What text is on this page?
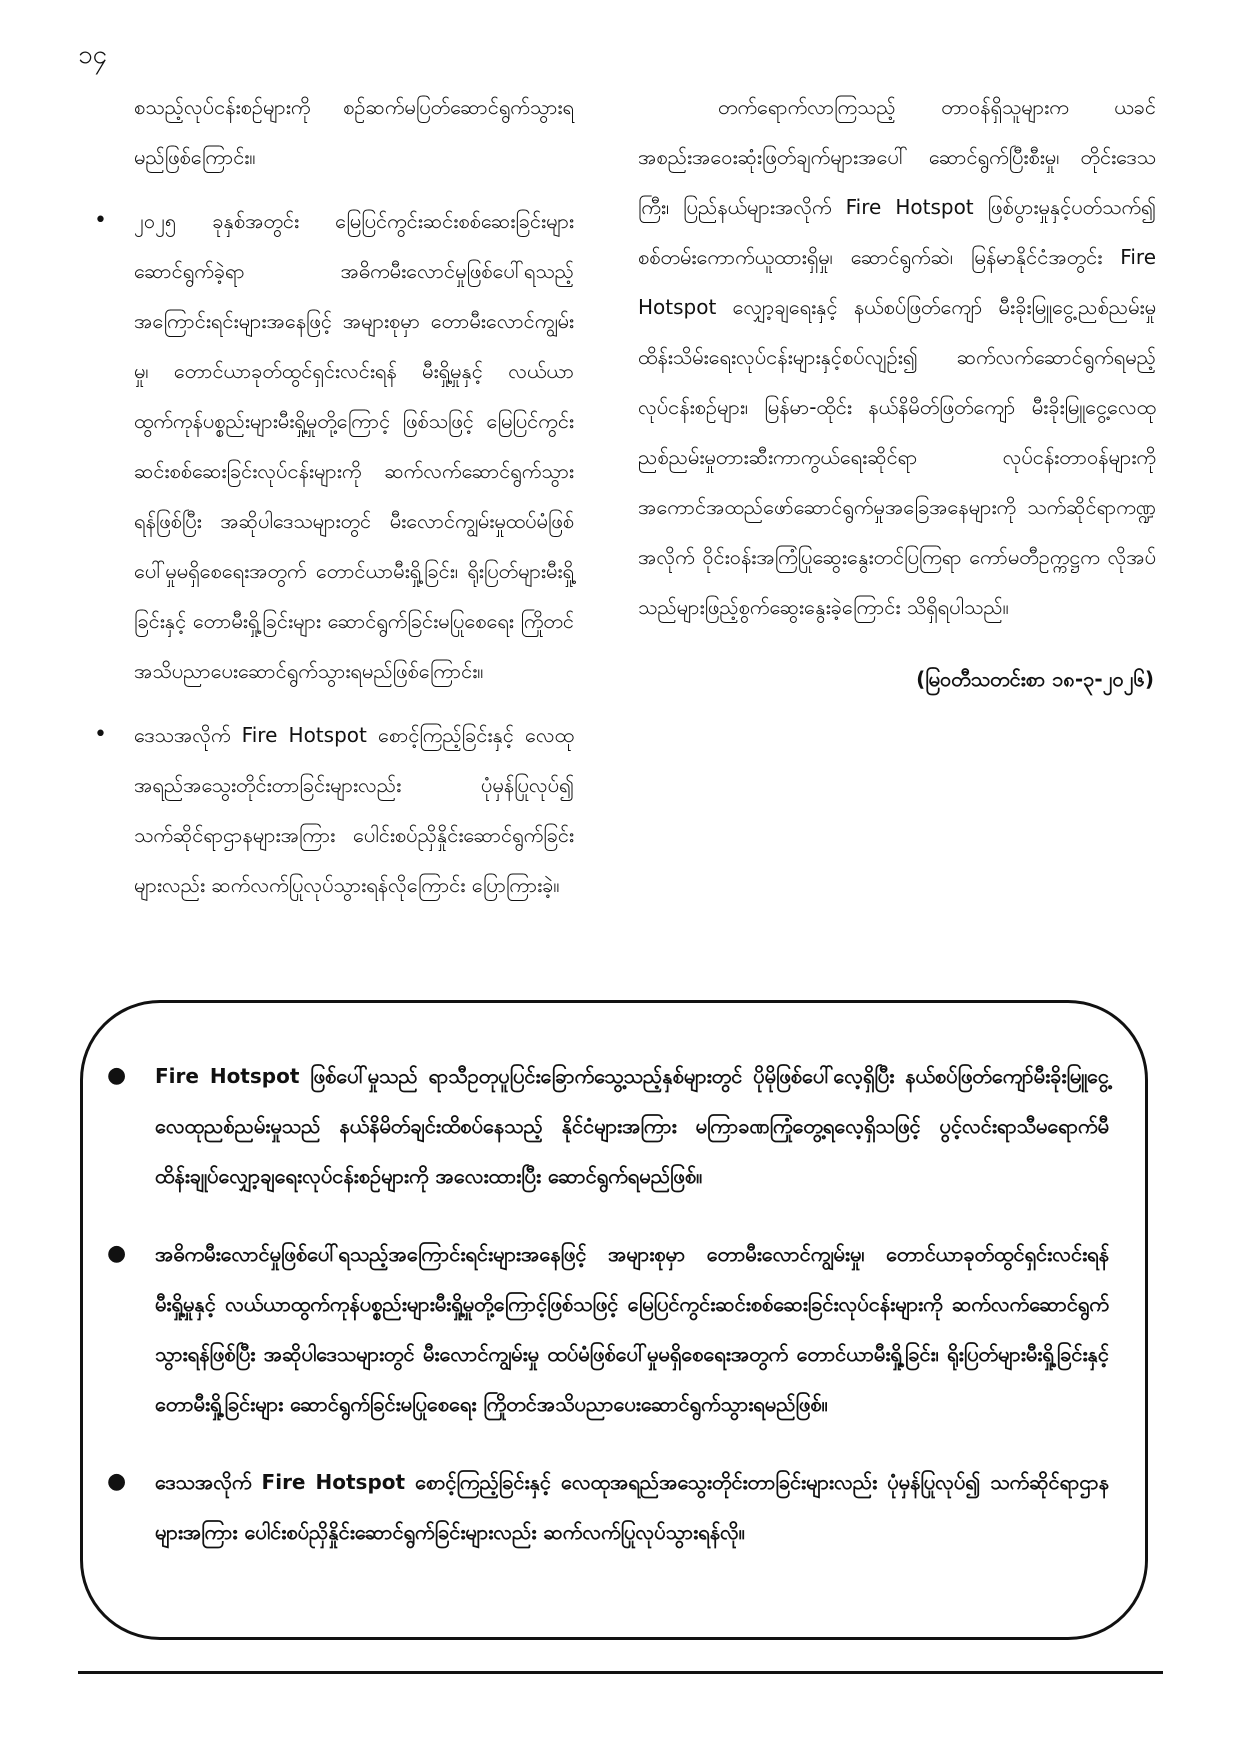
၁၄
စသည့်လုပ်ငန်းစဉ်များကို စဉ်ဆက်မပြတ်ဆောင်ရွက်သွားရမည်ဖြစ်ကြောင်း။
• ၂၀၂၅ ခုနှစ်အတွင်း မြေပြင်ကွင်းဆင်းစစ်ဆေးခြင်းများဆောင်ရွက်ခဲ့ရာ အဓိကမီးလောင်မှုဖြစ်ပေါ်ရသည့်အကြောင်းရင်းများအနေဖြင့် အများစုမှာ တောမီးလောင်ကျွမ်းမှု၊ တောင်ယာခုတ်ထွင်ရှင်းလင်းရန် မီးရှို့မှုနှင့် လယ်ယာထွက်ကုန်ပစ္စည်းများမီးရှို့မှုတို့ကြောင့် ဖြစ်သဖြင့် မြေပြင်ကွင်းဆင်းစစ်ဆေးခြင်းလုပ်ငန်းများကို ဆက်လက်ဆောင်ရွက်သွားရန်ဖြစ်ပြီး အဆိုပါဒေသများတွင် မီးလောင်ကျွမ်းမှုထပ်မံဖြစ်ပေါ်မှုမရှိစေရေးအတွက် တောင်ယာမီးရှို့ခြင်း၊ ရိုးပြတ်များမီးရှို့ခြင်းနှင့် တောမီးရှို့ခြင်းများ ဆောင်ရွက်ခြင်းမပြုစေရေး ကြိုတင်အသိပညာပေးဆောင်ရွက်သွားရမည်ဖြစ်ကြောင်း။
• ဒေသအလိုက် Fire Hotspot စောင့်ကြည့်ခြင်းနှင့် လေထုအရည်အသွေးတိုင်းတာခြင်းများလည်း ပုံမှန်ပြုလုပ်၍ သက်ဆိုင်ရာဌာနများအကြား ပေါင်းစပ်ညှိနှိုင်းဆောင်ရွက်ခြင်းများလည်း ဆက်လက်ပြုလုပ်သွားရန်လိုကြောင်း ပြောကြားခဲ့။
တက်ရောက်လာကြသည့် တာဝန်ရှိသူများက ယခင်အစည်းအဝေးဆုံးဖြတ်ချက်များအပေါ် ဆောင်ရွက်ပြီးစီးမှု၊ တိုင်းဒေသကြီး၊ ပြည်နယ်များအလိုက် Fire Hotspot ဖြစ်ပွားမှုနှင့်ပတ်သက်၍ စစ်တမ်းကောက်ယူထားရှိမှု၊ ဆောင်ရွက်ဆဲ၊ မြန်မာနိုင်ငံအတွင်း Fire Hotspot လျှော့ချရေးနှင့် နယ်စပ်ဖြတ်ကျော် မီးခိုးမြူငွေ့ညစ်ညမ်းမှုထိန်းသိမ်းရေးလုပ်ငန်းများနှင့်စပ်လျဉ်း၍ ဆက်လက်ဆောင်ရွက်ရမည့်လုပ်ငန်းစဉ်များ၊ မြန်မာ-ထိုင်း နယ်နိမိတ်ဖြတ်ကျော် မီးခိုးမြူငွေ့လေထုညစ်ညမ်းမှုတားဆီးကာကွယ်ရေးဆိုင်ရာ လုပ်ငန်းတာဝန်များကို အကောင်အထည်ဖော်ဆောင်ရွက်မှုအခြေအနေများကို သက်ဆိုင်ရာကဏ္ဍအလိုက် ဝိုင်းဝန်းအကြံပြုဆွေးနွေးတင်ပြကြရာ ကော်မတီဥက္ကဋ္ဌက လိုအပ်သည်များဖြည့်စွက်ဆွေးနွေးခဲ့ကြောင်း သိရှိရပါသည်။
(မြဝတီသတင်းစာ ၁၈-၃-၂၀၂၆)
● Fire Hotspot ဖြစ်ပေါ်မှုသည် ရာသီဥတုပူပြင်းခြောက်သွေ့သည့်နှစ်များတွင် ပိုမိုဖြစ်ပေါ်လေ့ရှိပြီး နယ်စပ်ဖြတ်ကျော်မီးခိုးမြူငွေ့လေထုညစ်ညမ်းမှုသည် နယ်နိမိတ်ချင်းထိစပ်နေသည့် နိုင်ငံများအကြား မကြာခဏကြုံတွေ့ရလေ့ရှိသဖြင့် ပွင့်လင်းရာသီမရောက်မီ ထိန်းချုပ်လျှော့ချရေးလုပ်ငန်းစဉ်များကို အလေးထားပြီး ဆောင်ရွက်ရမည်ဖြစ်။
● အဓိကမီးလောင်မှုဖြစ်ပေါ်ရသည့်အကြောင်းရင်းများအနေဖြင့် အများစုမှာ တောမီးလောင်ကျွမ်းမှု၊ တောင်ယာခုတ်ထွင်ရှင်းလင်းရန် မီးရှို့မှုနှင့် လယ်ယာထွက်ကုန်ပစ္စည်းများမီးရှို့မှုတို့ကြောင့်ဖြစ်သဖြင့် မြေပြင်ကွင်းဆင်းစစ်ဆေးခြင်းလုပ်ငန်းများကို ဆက်လက်ဆောင်ရွက်သွားရန်ဖြစ်ပြီး အဆိုပါဒေသများတွင် မီးလောင်ကျွမ်းမှု ထပ်မံဖြစ်ပေါ်မှုမရှိစေရေးအတွက် တောင်ယာမီးရှို့ခြင်း၊ ရိုးပြတ်များမီးရှို့ခြင်းနှင့် တောမီးရှို့ခြင်းများ ဆောင်ရွက်ခြင်းမပြုစေရေး ကြိုတင်အသိပညာပေးဆောင်ရွက်သွားရမည်ဖြစ်။
● ဒေသအလိုက် Fire Hotspot စောင့်ကြည့်ခြင်းနှင့် လေထုအရည်အသွေးတိုင်းတာခြင်းများလည်း ပုံမှန်ပြုလုပ်၍ သက်ဆိုင်ရာဌာနများအကြား ပေါင်းစပ်ညှိနှိုင်းဆောင်ရွက်ခြင်းများလည်း ဆက်လက်ပြုလုပ်သွားရန်လို။
